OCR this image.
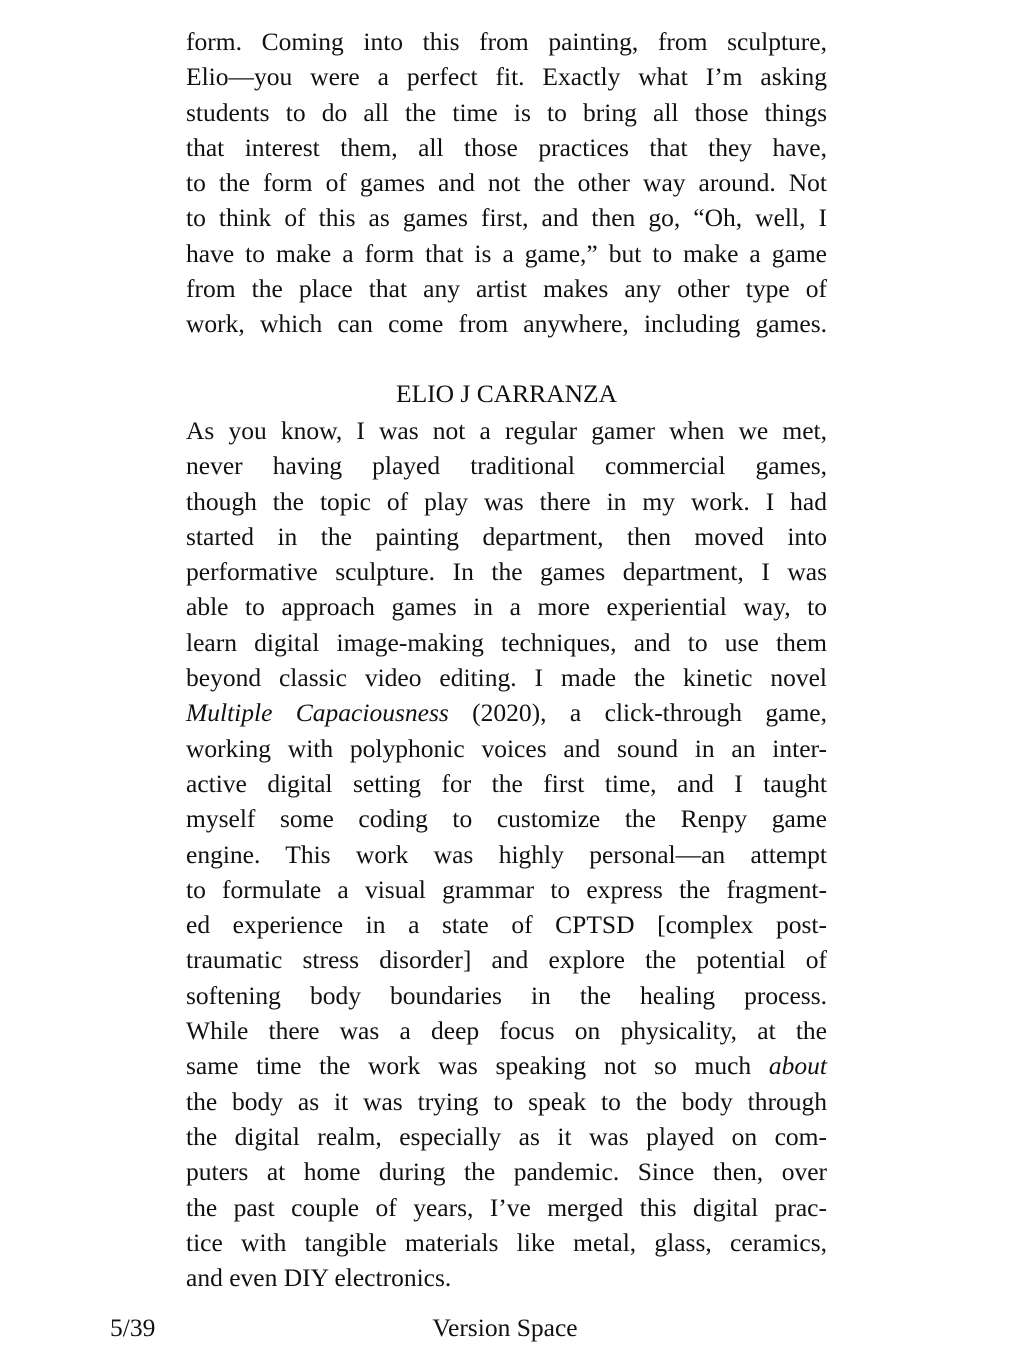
form. Coming into this from painting, from sculpture,
Elio—you were a perfect fit. Exactly what I’m asking
students to do all the time is to bring all those things
that interest them, all those practices that they have,
to the form of games and not the other way around. Not
to think of this as games first, and then go, “Oh, well, I
have to make a form that is a game,” but to make a game
from the place that any artist makes any other type of
work, which can come from anywhere, including games.
ELIO J CARRANZA
As you know, I was not a regular gamer when we met,
never having played traditional commercial games,
though the topic of play was there in my work. I had
started in the painting department, then moved into
performative sculpture. In the games department, I was
able to approach games in a more experiential way, to
learn digital image-making techniques, and to use them
beyond classic video editing. I made the kinetic novel
Multiple Capaciousness (2020), a click-through game,
working with polyphonic voices and sound in an inter-
active digital setting for the first time, and I taught
myself some coding to customize the Renpy game
engine. This work was highly personal—an attempt
to formulate a visual grammar to express the fragment-
ed experience in a state of CPTSD [complex post-
traumatic stress disorder] and explore the potential of
softening body boundaries in the healing process.
While there was a deep focus on physicality, at the
same time the work was speaking not so much about
the body as it was trying to speak to the body through
the digital realm, especially as it was played on com-
puters at home during the pandemic. Since then, over
the past couple of years, I’ve merged this digital prac-
tice with tangible materials like metal, glass, ceramics,
and even DIY electronics.
5/39	Version Space
